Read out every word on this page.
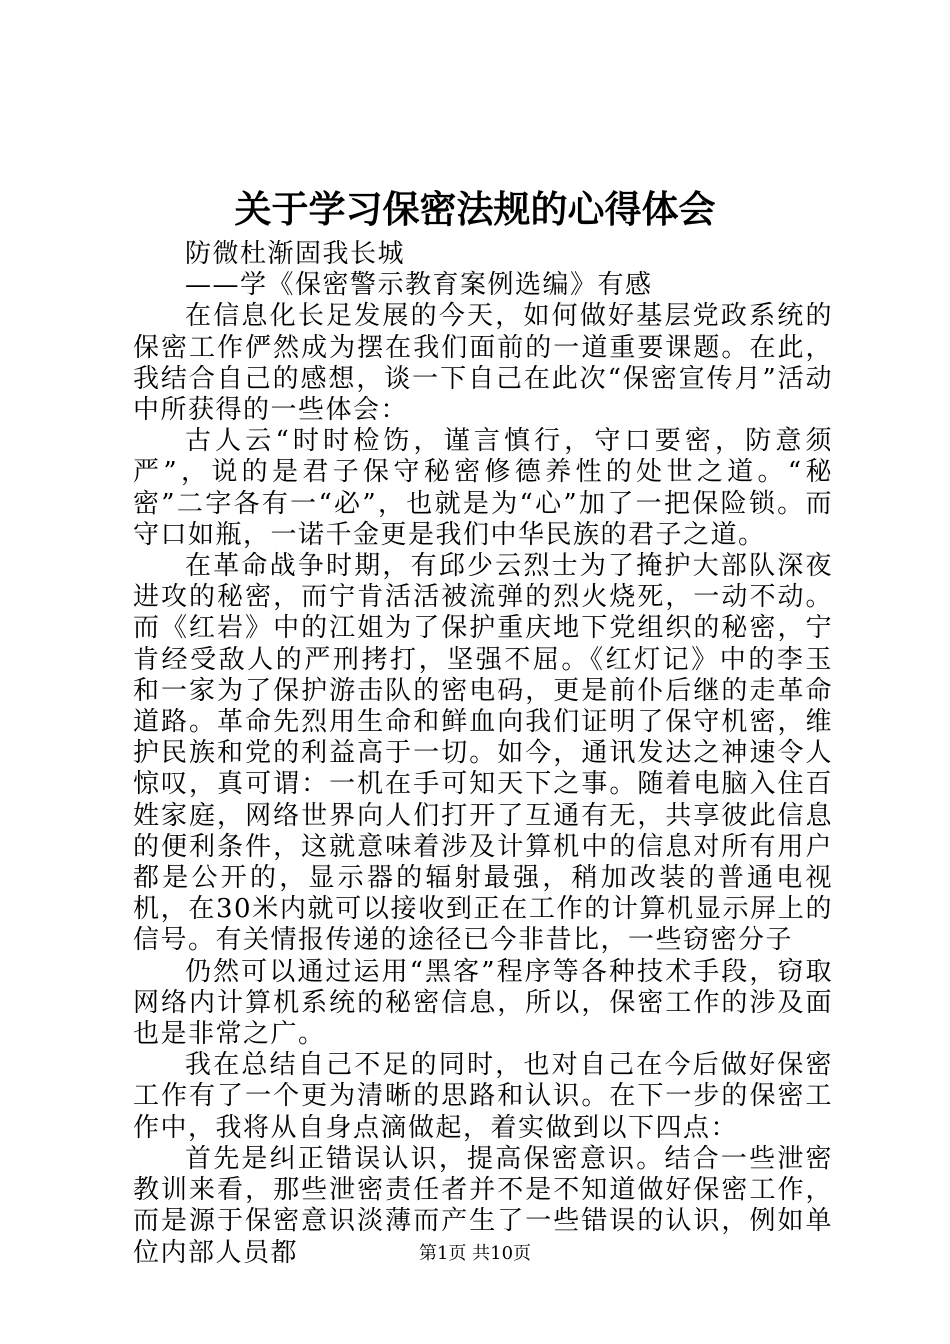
关于学习保密法规的心得体会

防微杜渐固我长城

——学《保密警示教育案例选编》有感

在信息化长足发展的今天，如何做好基层党政系统的保密工作俨然成为摆在我们面前的一道重要课题。在此，我结合自己的感想，谈一下自己在此次“保密宣传月”活动中所获得的一些体会：

古人云“时时检饬，谨言慎行，守口要密，防意须严”，说的是君子保守秘密修德养性的处世之道。“秘密”二字各有一“必”，也就是为“心”加了一把保险锁。而守口如瓶，一诺千金更是我们中华民族的君子之道。

在革命战争时期，有邱少云烈士为了掩护大部队深夜进攻的秘密，而宁肯活活被流弹的烈火烧死，一动不动。而《红岩》中的江姐为了保护重庆地下党组织的秘密，宁肯经受敌人的严刑拷打，坚强不屈。《红灯记》中的李玉和一家为了保护游击队的密电码，更是前仆后继的走革命道路。革命先烈用生命和鲜血向我们证明了保守机密，维护民族和党的利益高于一切。如今，通讯发达之神速令人惊叹，真可谓：一机在手可知天下之事。随着电脑入住百姓家庭，网络世界向人们打开了互通有无，共享彼此信息的便利条件，这就意味着涉及计算机中的信息对所有用户都是公开的，显示器的辐射最强，稍加改装的普通电视机，在30米内就可以接收到正在工作的计算机显示屏上的信号。有关情报传递的途径已今非昔比，一些窃密分子

仍然可以通过运用“黑客”程序等各种技术手段，窃取网络内计算机系统的秘密信息，所以，保密工作的涉及面也是非常之广。

我在总结自己不足的同时，也对自己在今后做好保密工作有了一个更为清晰的思路和认识。在下一步的保密工作中，我将从自身点滴做起，着实做到以下四点：

首先是纠正错误认识，提高保密意识。结合一些泄密教训来看，那些泄密责任者并不是不知道做好保密工作，而是源于保密意识淡薄而产生了一些错误的认识，例如单位内部人员都	第1页 共10页
